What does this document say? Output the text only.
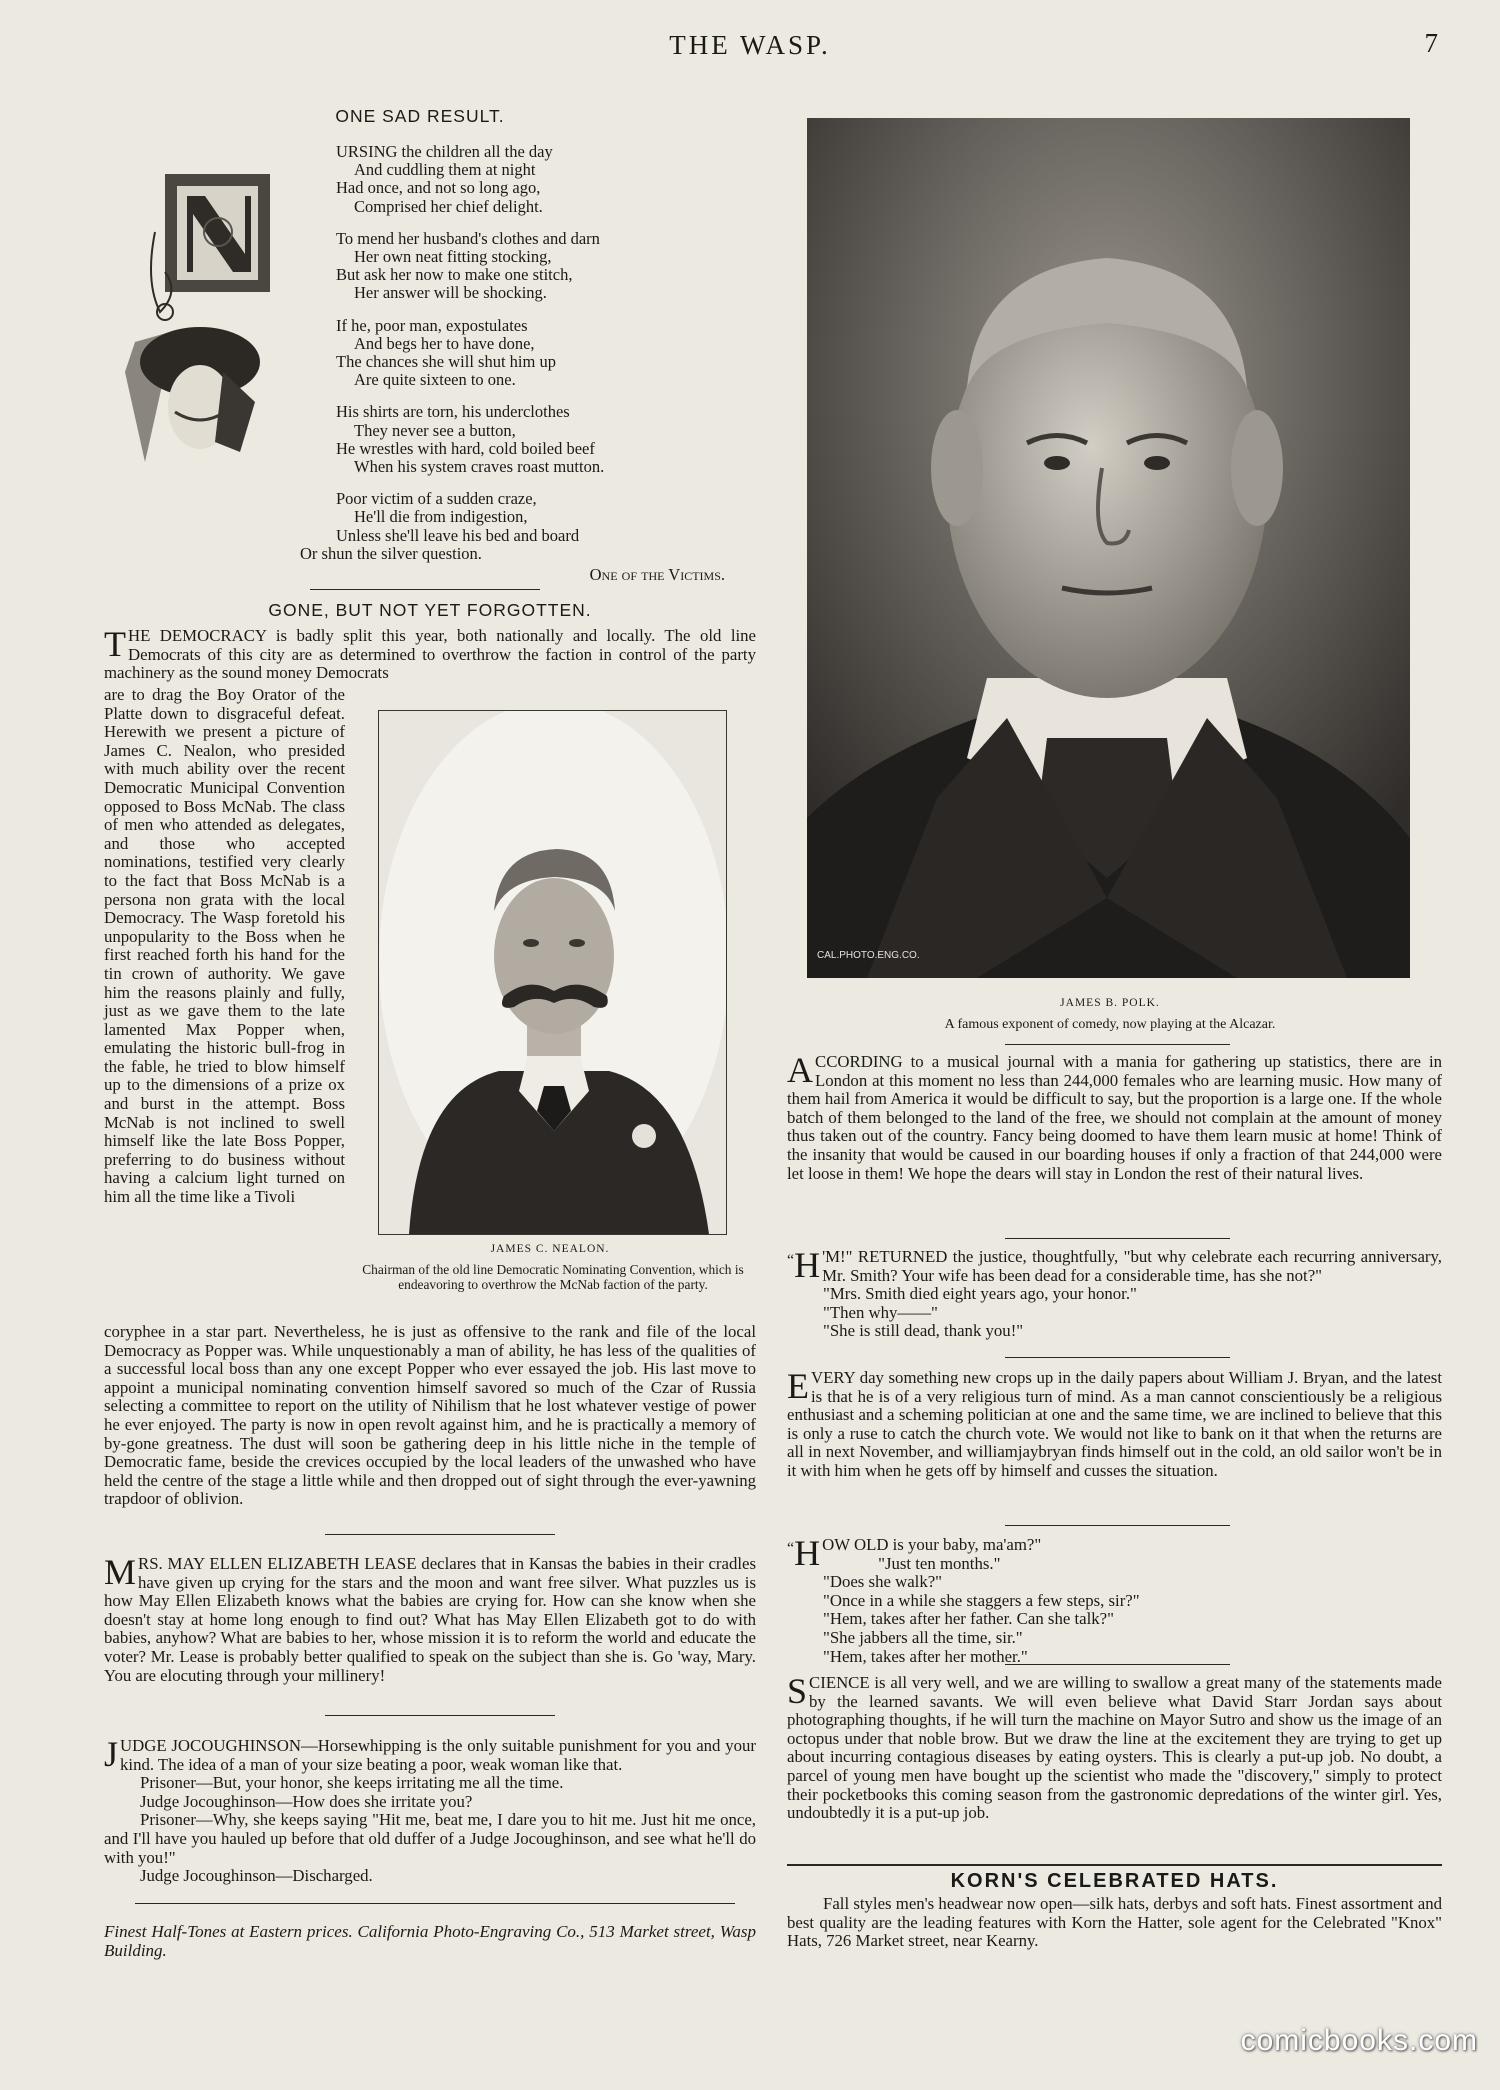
THE WASP.	7
ONE SAD RESULT.

URSING the children all the day

And cuddling them at night

Had once, and not so long ago,

Comprised her chief delight.

To mend her husband's clothes and darn

Her own neat fitting stocking,

But ask her now to make one stitch,

Her answer will be shocking.

If he, poor man, expostulates

And begs her to have done,

The chances she will shut him up

Are quite sixteen to one.

His shirts are torn, his underclothes

They never see a button,

He wrestles with hard, cold boiled beef

When his system craves roast mutton.

Poor victim of a sudden craze,

He'll die from indigestion,

Unless she'll leave his bed and board

Or shun the silver question.

One of the Victims.
GONE, BUT NOT YET FORGOTTEN.

THE DEMOCRACY is badly split this year, both nationally and locally. The old line Democrats of this city are as determined to overthrow the faction in control of the party machinery as the sound money Democrats

are to drag the Boy Orator of the Platte down to disgraceful defeat. Herewith we present a picture of James C. Nealon, who presided with much ability over the recent Democratic Municipal Convention opposed to Boss McNab. The class of men who attended as delegates, and those who accepted nominations, testified very clearly to the fact that Boss McNab is a persona non grata with the local Democracy. The Wasp foretold his unpopularity to the Boss when he first reached forth his hand for the tin crown of authority. We gave him the reasons plainly and fully, just as we gave them to the late lamented Max Popper when, emulating the historic bull-frog in the fable, he tried to blow himself up to the dimensions of a prize ox and burst in the attempt. Boss McNab is not inclined to swell himself like the late Boss Popper, preferring to do business without having a calcium light turned on him all the time like a Tivoli
JAMES C. NEALON.
Chairman of the old line Democratic Nominating Convention, which is endeavoring to overthrow the McNab faction of the party.
coryphee in a star part. Nevertheless, he is just as offensive to the rank and file of the local Democracy as Popper was. While unquestionably a man of ability, he has less of the qualities of a successful local boss than any one except Popper who ever essayed the job. His last move to appoint a municipal nominating convention himself savored so much of the Czar of Russia selecting a committee to report on the utility of Nihilism that he lost whatever vestige of power he ever enjoyed. The party is now in open revolt against him, and he is practically a memory of by-gone greatness. The dust will soon be gathering deep in his little niche in the temple of Democratic fame, beside the crevices occupied by the local leaders of the unwashed who have held the centre of the stage a little while and then dropped out of sight through the ever-yawning trapdoor of oblivion.

MRS. MAY ELLEN ELIZABETH LEASE declares that in Kansas the babies in their cradles have given up crying for the stars and the moon and want free silver. What puzzles us is how May Ellen Elizabeth knows what the babies are crying for. How can she know when she doesn't stay at home long enough to find out? What has May Ellen Elizabeth got to do with babies, anyhow? What are babies to her, whose mission it is to reform the world and educate the voter? Mr. Lease is probably better qualified to speak on the subject than she is. Go 'way, Mary. You are elocuting through your millinery!

JUDGE JOCOUGHINSON—Horsewhipping is the only suitable punishment for you and your kind. The idea of a man of your size beating a poor, weak woman like that.

Prisoner—But, your honor, she keeps irritating me all the time.

Judge Jocoughinson—How does she irritate you?

Prisoner—Why, she keeps saying "Hit me, beat me, I dare you to hit me. Just hit me once, and I'll have you hauled up before that old duffer of a Judge Jocoughinson, and see what he'll do with you!"

Judge Jocoughinson—Discharged.

Finest Half-Tones at Eastern prices. California Photo-Engraving Co., 513 Market street, Wasp Building.
CAL.PHOTO.ENG.CO.
JAMES B. POLK.
A famous exponent of comedy, now playing at the Alcazar.

ACCORDING to a musical journal with a mania for gathering up statistics, there are in London at this moment no less than 244,000 females who are learning music. How many of them hail from America it would be difficult to say, but the proportion is a large one. If the whole batch of them belonged to the land of the free, we should not complain at the amount of money thus taken out of the country. Fancy being doomed to have them learn music at home! Think of the insanity that would be caused in our boarding houses if only a fraction of that 244,000 were let loose in them! We hope the dears will stay in London the rest of their natural lives.

“ H 'M!" RETURNED the justice, thoughtfully, "but why celebrate each recurring anniversary, Mr. Smith? Your wife has been dead for a considerable time, has she not?"

"Mrs. Smith died eight years ago, your honor."

"Then why——"

"She is still dead, thank you!"

EVERY day something new crops up in the daily papers about William J. Bryan, and the latest is that he is of a very religious turn of mind. As a man cannot conscientiously be a religious enthusiast and a scheming politician at one and the same time, we are inclined to believe that this is only a ruse to catch the church vote. We would not like to bank on it that when the returns are all in next November, and williamjaybryan finds himself out in the cold, an old sailor won't be in it with him when he gets off by himself and cusses the situation.

“ H OW OLD is your baby, ma'am?"

"Just ten months."

"Does she walk?"

"Once in a while she staggers a few steps, sir?"

"Hem, takes after her father. Can she talk?"

"She jabbers all the time, sir."

"Hem, takes after her mother."

SCIENCE is all very well, and we are willing to swallow a great many of the statements made by the learned savants. We will even believe what David Starr Jordan says about photographing thoughts, if he will turn the machine on Mayor Sutro and show us the image of an octopus under that noble brow. But we draw the line at the excitement they are trying to get up about incurring contagious diseases by eating oysters. This is clearly a put-up job. No doubt, a parcel of young men have bought up the scientist who made the "discovery," simply to protect their pocketbooks this coming season from the gastronomic depredations of the winter girl. Yes, undoubtedly it is a put-up job.

KORN'S CELEBRATED HATS.
Fall styles men's headwear now open—silk hats, derbys and soft hats. Finest assortment and best quality are the leading features with Korn the Hatter, sole agent for the Celebrated "Knox" Hats, 726 Market street, near Kearny.
comicbooks.com
